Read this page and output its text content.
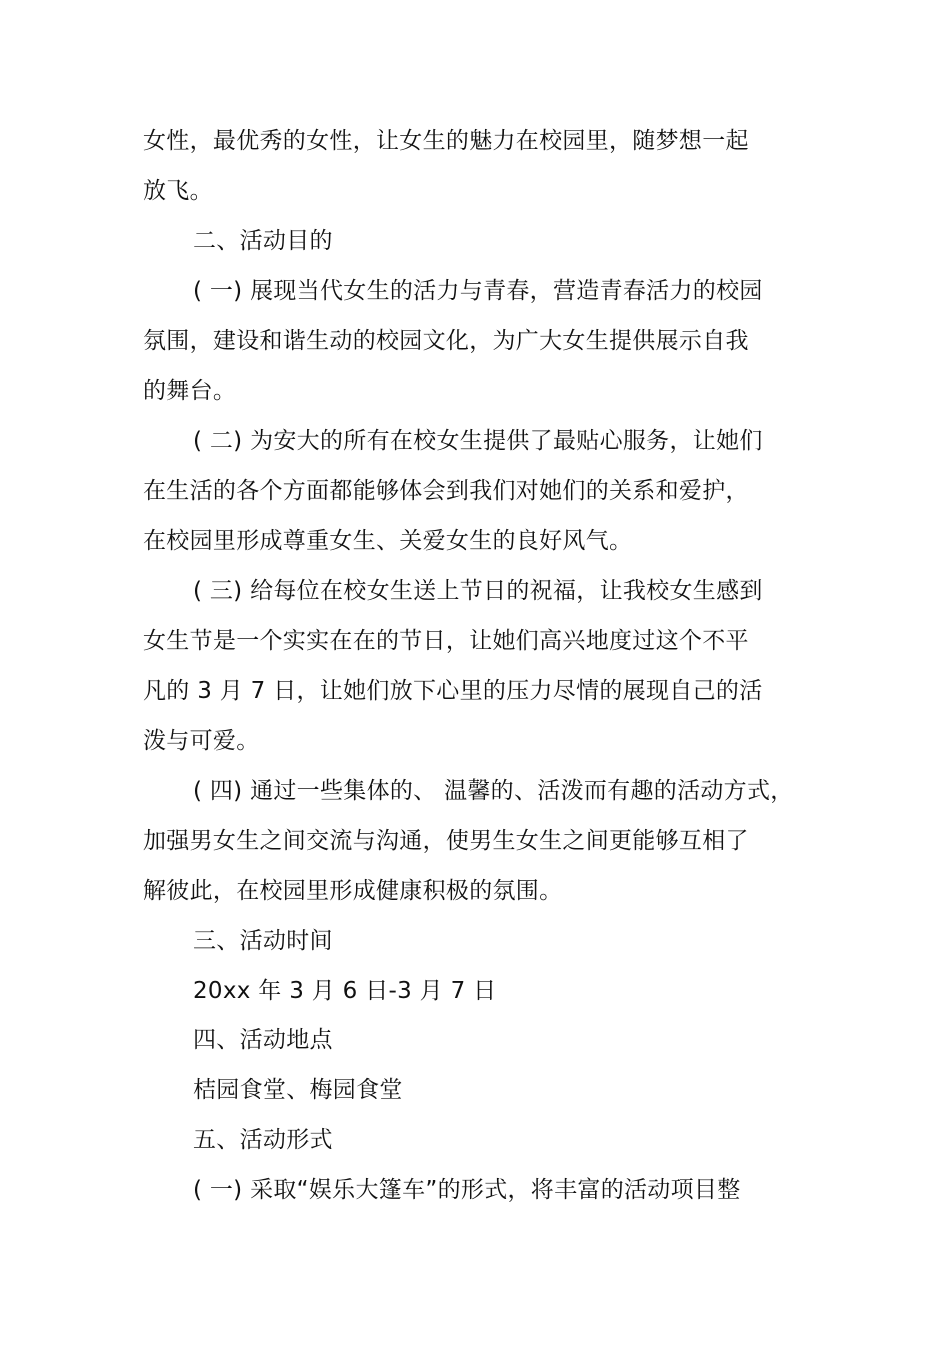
女性，最优秀的女性，让女生的魅力在校园里，随梦想一起
放飞。
二、活动目的
( 一) 展现当代女生的活力与青春，营造青春活力的校园
氛围，建设和谐生动的校园文化，为广大女生提供展示自我
的舞台。
( 二) 为安大的所有在校女生提供了最贴心服务，让她们
在生活的各个方面都能够体会到我们对她们的关系和爱护，
在校园里形成尊重女生、关爱女生的良好风气。
( 三) 给每位在校女生送上节日的祝福，让我校女生感到
女生节是一个实实在在的节日，让她们高兴地度过这个不平
凡的 3 月 7 日，让她们放下心里的压力尽情的展现自己的活
泼与可爱。
( 四) 通过一些集体的、 温馨的、活泼而有趣的活动方式，
加强男女生之间交流与沟通，使男生女生之间更能够互相了
解彼此，在校园里形成健康积极的氛围。
三、活动时间
20xx 年 3 月 6 日-3 月 7 日
四、活动地点
桔园食堂、梅园食堂
五、活动形式
( 一) 采取“娱乐大篷车”的形式，将丰富的活动项目整
